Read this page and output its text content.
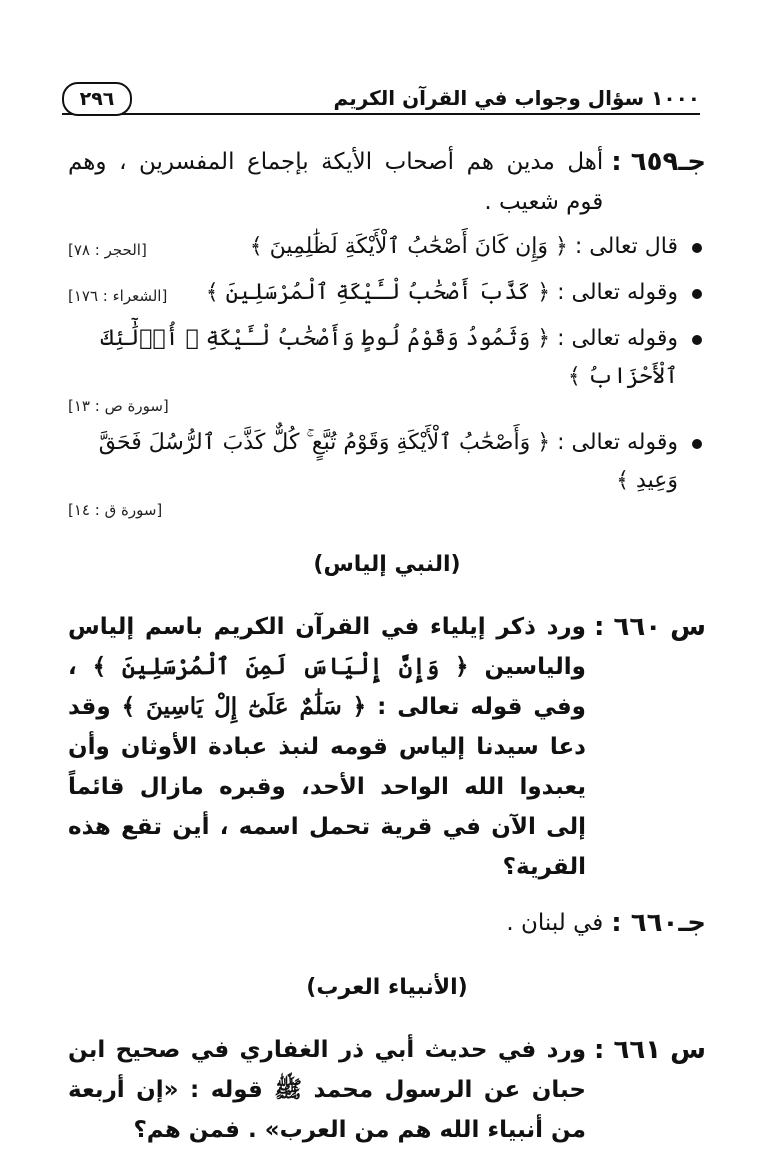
١٠٠٠ سؤال وجواب في القرآن الكريم
٢٩٦
جـ٦٥٩ :
أهل مدين هم أصحاب الأيكة بإجماع المفسرين ، وهم قوم شعيب .
قال تعالى : ﴿ وَإِن كَانَ أَصْحَٰبُ ٱلْأَيْكَةِ لَظَٰلِمِينَ ﴾
[الحجر : ٧٨]
وقوله تعالى : ﴿ كَذَّبَ أَصْحَٰبُ لْـَٔيْكَةِ ٱلْمُرْسَلِينَ ﴾
[الشعراء : ١٧٦]
وقوله تعالى : ﴿ وَثَمُودُ وَقَوْمُ لُوطٍ وَأَصْحَٰبُ لْـَٔيْكَةِ ۚ أُو۟لَٰٓئِكَ ٱلْأَحْزَابُ ﴾
[سورة ص : ١٣]
وقوله تعالى : ﴿ وَأَصْحَٰبُ ٱلْأَيْكَةِ وَقَوْمُ تُبَّعٍ ۚ كُلٌّ كَذَّبَ ٱلرُّسُلَ فَحَقَّ وَعِيدِ ﴾
[سورة ق : ١٤]
(النبي إلياس)
س ٦٦٠ :
ورد ذكر إيلياء في القرآن الكريم باسم إلياس والياسين ﴿ وَإِنَّ إِلْيَاسَ لَمِنَ ٱلْمُرْسَلِينَ ﴾ ، وفي قوله تعالى : ﴿ سَلَٰمٌ عَلَىٰٓ إِلْ يَاسِينَ ﴾ وقد دعا سيدنا إلياس قومه لنبذ عبادة الأوثان وأن يعبدوا الله الواحد الأحد، وقبره مازال قائماً إلى الآن في قرية تحمل اسمه ، أين تقع هذه القرية؟
جـ٦٦٠ :
في لبنان .
(الأنبياء العرب)
س ٦٦١ :
ورد في حديث أبي ذر الغفاري في صحيح ابن حبان عن الرسول محمد ﷺ قوله : «إن أربعة من أنبياء الله هم من العرب» . فمن هم؟
